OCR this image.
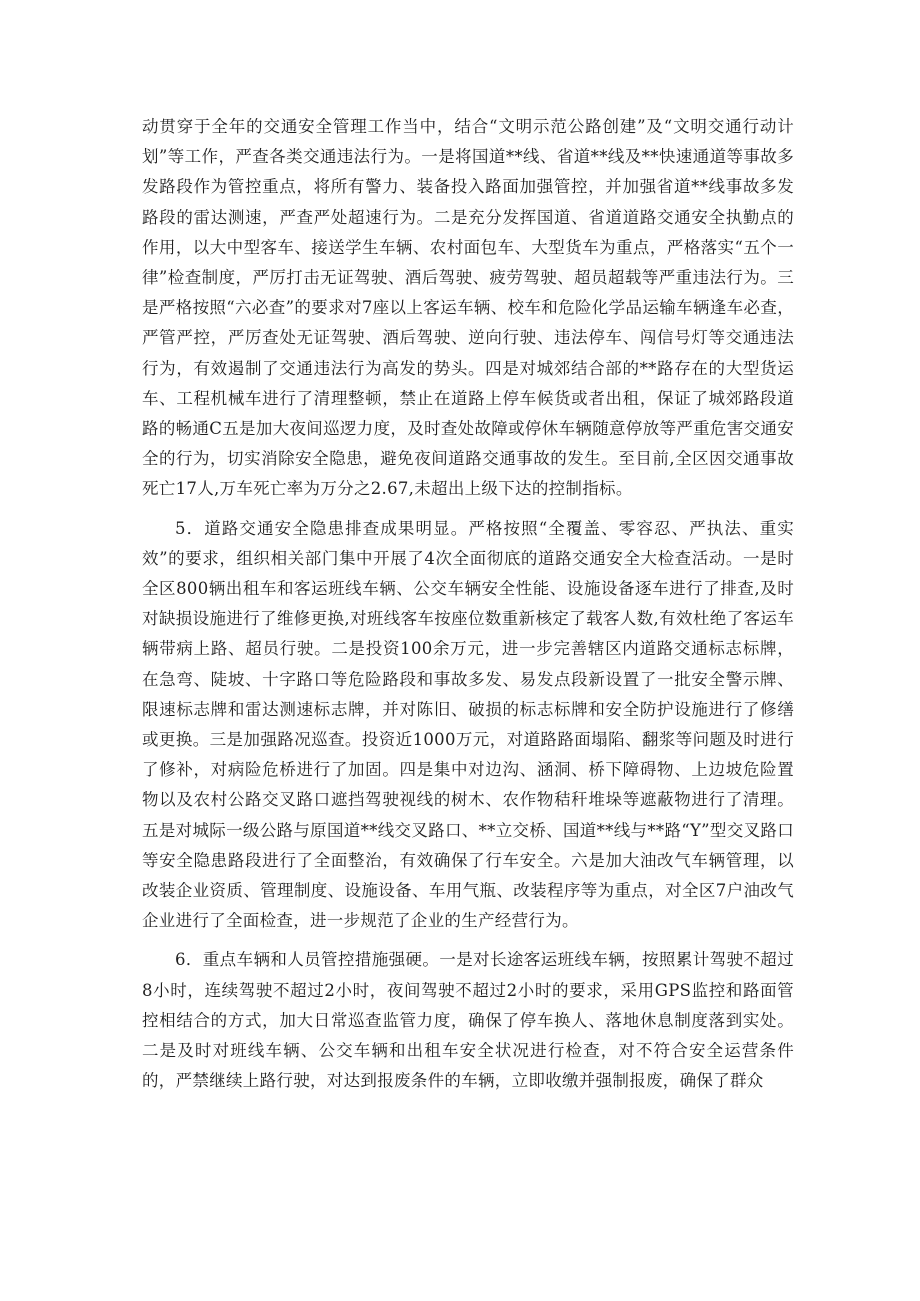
动贯穿于全年的交通安全管理工作当中，结合“文明示范公路创建”及“文明交通行动计划”等工作，严查各类交通违法行为。一是将国道**线、省道**线及**快速通道等事故多发路段作为管控重点，将所有警力、装备投入路面加强管控，并加强省道**线事故多发路段的雷达测速，严查严处超速行为。二是充分发挥国道、省道道路交通安全执勤点的作用，以大中型客车、接送学生车辆、农村面包车、大型货车为重点，严格落实“五个一律”检查制度，严厉打击无证驾驶、酒后驾驶、疲劳驾驶、超员超载等严重违法行为。三是严格按照“六必查”的要求对7座以上客运车辆、校车和危险化学品运输车辆逢车必查，严管严控，严厉查处无证驾驶、酒后驾驶、逆向行驶、违法停车、闯信号灯等交通违法行为，有效遏制了交通违法行为高发的势头。四是对城郊结合部的**路存在的大型货运车、工程机械车进行了清理整顿，禁止在道路上停车候货或者出租，保证了城郊路段道路的畅通C五是加大夜间巡逻力度，及时查处故障或停休车辆随意停放等严重危害交通安全的行为，切实消除安全隐患，避免夜间道路交通事故的发生。至目前,全区因交通事故死亡17人,万车死亡率为万分之2.67,未超出上级下达的控制指标。

5．道路交通安全隐患排查成果明显。严格按照“全覆盖、零容忍、严执法、重实效”的要求，组织相关部门集中开展了4次全面彻底的道路交通安全大检查活动。一是时全区800辆出租车和客运班线车辆、公交车辆安全性能、设施设备逐车进行了排查,及时对缺损设施进行了维修更换,对班线客车按座位数重新核定了载客人数,有效杜绝了客运车辆带病上路、超员行驶。二是投资100余万元，进一步完善辖区内道路交通标志标牌，在急弯、陡坡、十字路口等危险路段和事故多发、易发点段新设置了一批安全警示牌、限速标志牌和雷达测速标志牌，并对陈旧、破损的标志标牌和安全防护设施进行了修缮或更换。三是加强路况巡查。投资近1000万元，对道路路面塌陷、翻浆等问题及时进行了修补，对病险危桥进行了加固。四是集中对边沟、涵洞、桥下障碍物、上边坡危险置物以及农村公路交叉路口遮挡驾驶视线的树木、农作物秸秆堆垛等遮蔽物进行了清理。五是对城际一级公路与原国道**线交叉路口、**立交桥、国道**线与**路“Y”型交叉路口等安全隐患路段进行了全面整治，有效确保了行车安全。六是加大油改气车辆管理，以改装企业资质、管理制度、设施设备、车用气瓶、改装程序等为重点，对全区7户油改气企业进行了全面检查，进一步规范了企业的生产经营行为。

6．重点车辆和人员管控措施强硬。一是对长途客运班线车辆，按照累计驾驶不超过8小时，连续驾驶不超过2小时，夜间驾驶不超过2小时的要求，采用GPS监控和路面管控相结合的方式，加大日常巡查监管力度，确保了停车换人、落地休息制度落到实处。二是及时对班线车辆、公交车辆和出租车安全状况进行检查，对不符合安全运营条件的，严禁继续上路行驶，对达到报废条件的车辆，立即收缴并强制报废，确保了群众
